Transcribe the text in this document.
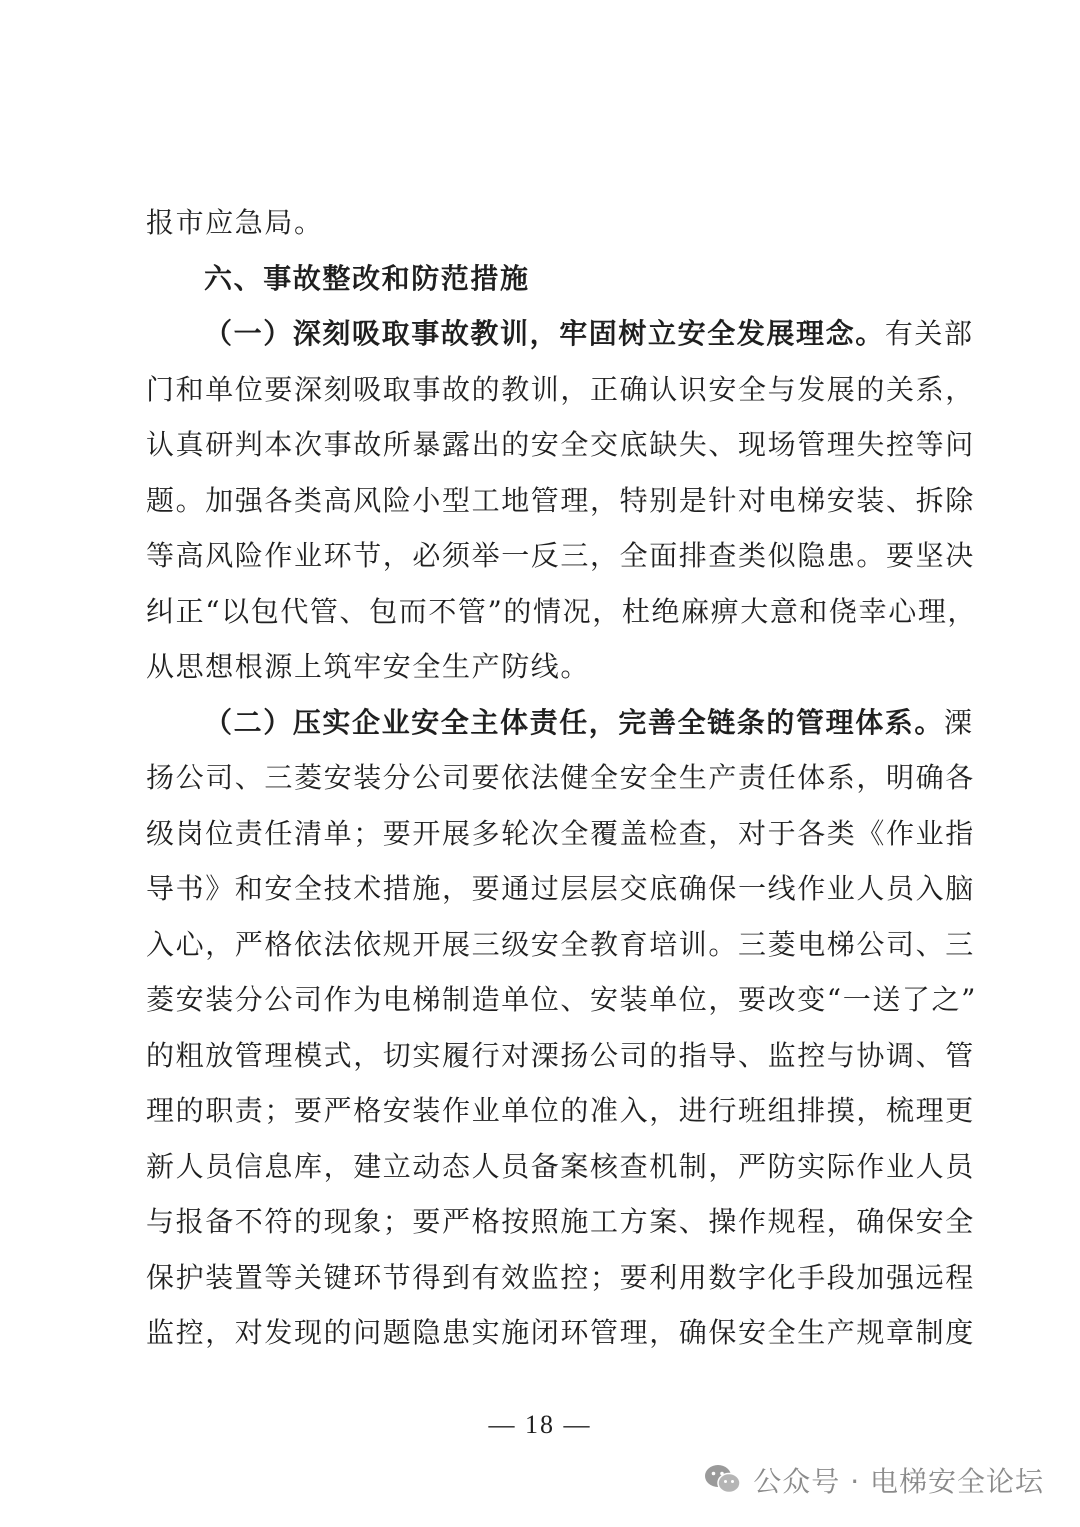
报市应急局。
六、事故整改和防范措施
（一）深刻吸取事故教训，牢固树立安全发展理念。有关部
门和单位要深刻吸取事故的教训，正确认识安全与发展的关系，
认真研判本次事故所暴露出的安全交底缺失、现场管理失控等问
题。加强各类高风险小型工地管理，特别是针对电梯安装、拆除
等高风险作业环节，必须举一反三，全面排查类似隐患。要坚决
纠正“以包代管、包而不管”的情况，杜绝麻痹大意和侥幸心理，
从思想根源上筑牢安全生产防线。
（二）压实企业安全主体责任，完善全链条的管理体系。溧
扬公司、三菱安装分公司要依法健全安全生产责任体系，明确各
级岗位责任清单；要开展多轮次全覆盖检查，对于各类《作业指
导书》和安全技术措施，要通过层层交底确保一线作业人员入脑
入心，严格依法依规开展三级安全教育培训。三菱电梯公司、三
菱安装分公司作为电梯制造单位、安装单位，要改变“一送了之”
的粗放管理模式，切实履行对溧扬公司的指导、监控与协调、管
理的职责；要严格安装作业单位的准入，进行班组排摸，梳理更
新人员信息库，建立动态人员备案核查机制，严防实际作业人员
与报备不符的现象；要严格按照施工方案、操作规程，确保安全
保护装置等关键环节得到有效监控；要利用数字化手段加强远程
监控，对发现的问题隐患实施闭环管理，确保安全生产规章制度
— 18 —
公众号 · 电梯安全论坛
